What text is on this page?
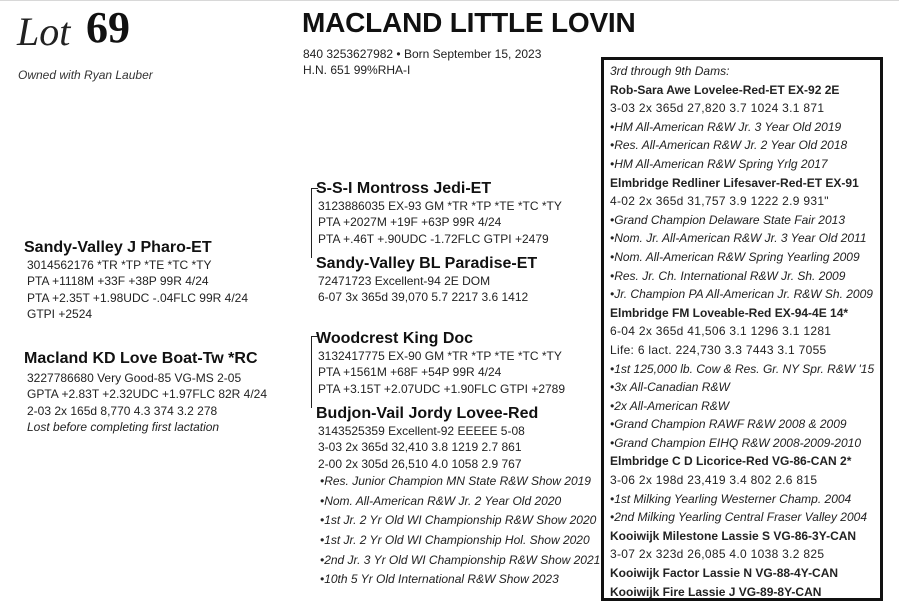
Lot 69
Owned with Ryan Lauber
MACLAND LITTLE LOVIN
840 3253627982 • Born September 15, 2023
H.N. 651 99%RHA-I
Sandy-Valley J Pharo-ET
3014562176 *TR *TP *TE *TC *TY
PTA +1118M +33F +38P 99R 4/24
PTA +2.35T +1.98UDC -.04FLC 99R 4/24
GTPI +2524
Macland KD Love Boat-Tw *RC
3227786680 Very Good-85 VG-MS 2-05
GPTA +2.83T +2.32UDC +1.97FLC 82R 4/24
2-03 2x 165d 8,770 4.3 374 3.2 278
Lost before completing first lactation
S-S-I Montross Jedi-ET
3123886035 EX-93 GM *TR *TP *TE *TC *TY
PTA +2027M +19F +63P 99R 4/24
PTA +.46T +.90UDC -1.72FLC GTPI +2479
Sandy-Valley BL Paradise-ET
72471723 Excellent-94 2E DOM
6-07 3x 365d 39,070 5.7 2217 3.6 1412
Woodcrest King Doc
3132417775 EX-90 GM *TR *TP *TE *TC *TY
PTA +1561M +68F +54P 99R 4/24
PTA +3.15T +2.07UDC +1.90FLC GTPI +2789
Budjon-Vail Jordy Lovee-Red
3143525359 Excellent-92 EEEEE 5-08
3-03 2x 365d 32,410 3.8 1219 2.7 861
2-00 2x 305d 26,510 4.0 1058 2.9 767
•Res. Junior Champion MN State R&W Show 2019
•Nom. All-American R&W Jr. 2 Year Old 2020
•1st Jr. 2 Yr Old WI Championship R&W Show 2020
•1st Jr. 2 Yr Old WI Championship Hol. Show 2020
•2nd Jr. 3 Yr Old WI Championship R&W Show 2021
•10th 5 Yr Old International R&W Show 2023
3rd through 9th Dams:
Rob-Sara Awe Lovelee-Red-ET EX-92 2E
3-03 2x 365d 27,820 3.7 1024 3.1 871
•HM All-American R&W Jr. 3 Year Old 2019
•Res. All-American R&W Jr. 2 Year Old 2018
•HM All-American R&W Spring Yrlg 2017
Elmbridge Redliner Lifesaver-Red-ET EX-91
4-02 2x 365d 31,757 3.9 1222 2.9 931"
•Grand Champion Delaware State Fair 2013
•Nom. Jr. All-American R&W Jr. 3 Year Old 2011
•Nom. All-American R&W Spring Yearling 2009
•Res. Jr. Ch. International R&W Jr. Sh. 2009
•Jr. Champion PA All-American Jr. R&W Sh. 2009
Elmbridge FM Loveable-Red EX-94-4E 14*
6-04 2x 365d 41,506 3.1 1296 3.1 1281
Life: 6 lact. 224,730 3.3 7443 3.1 7055
•1st 125,000 lb. Cow & Res. Gr. NY Spr. R&W '15
•3x All-Canadian R&W
•2x All-American R&W
•Grand Champion RAWF R&W 2008 & 2009
•Grand Champion EIHQ R&W 2008-2009-2010
Elmbridge C D Licorice-Red VG-86-CAN 2*
3-06 2x 198d 23,419 3.4 802 2.6 815
•1st Milking Yearling Westerner Champ. 2004
•2nd Milking Yearling Central Fraser Valley 2004
Kooiwijk Milestone Lassie S VG-86-3Y-CAN
3-07 2x 323d 26,085 4.0 1038 3.2 825
Kooiwijk Factor Lassie N VG-88-4Y-CAN
Kooiwijk Fire Lassie J VG-89-8Y-CAN
